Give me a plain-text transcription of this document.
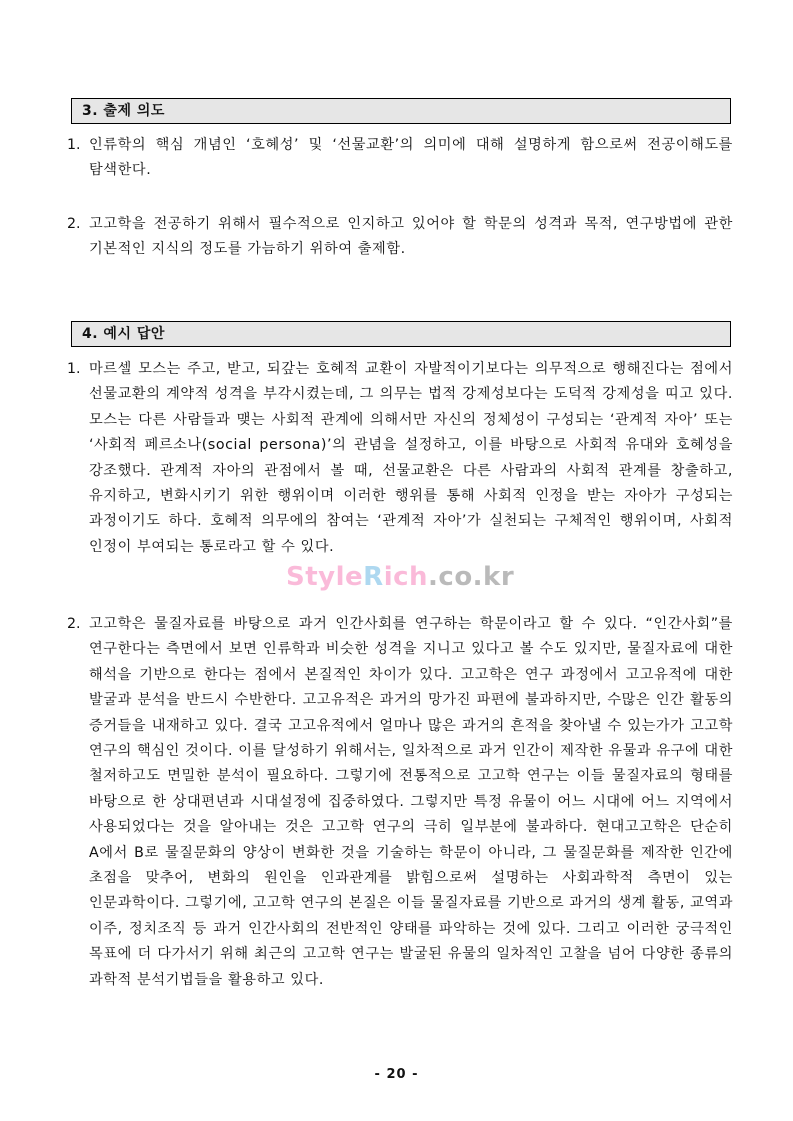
3. 출제 의도
1. 인류학의 핵심 개념인 ‘호혜성’ 및 ‘선물교환’의 의미에 대해 설명하게 함으로써 전공이해도를 탐색한다.
2. 고고학을 전공하기 위해서 필수적으로 인지하고 있어야 할 학문의 성격과 목적, 연구방법에 관한 기본적인 지식의 정도를 가늠하기 위하여 출제함.
4. 예시 답안
1. 마르셀 모스는 주고, 받고, 되갚는 호혜적 교환이 자발적이기보다는 의무적으로 행해진다는 점에서 선물교환의 계약적 성격을 부각시켰는데, 그 의무는 법적 강제성보다는 도덕적 강제성을 띠고 있다. 모스는 다른 사람들과 맺는 사회적 관계에 의해서만 자신의 정체성이 구성되는 ‘관계적 자아’ 또는 ‘사회적 페르소나(social persona)’의 관념을 설정하고, 이를 바탕으로 사회적 유대와 호혜성을 강조했다. 관계적 자아의 관점에서 볼 때, 선물교환은 다른 사람과의 사회적 관계를 창출하고, 유지하고, 변화시키기 위한 행위이며 이러한 행위를 통해 사회적 인정을 받는 자아가 구성되는 과정이기도 하다. 호혜적 의무에의 참여는 ‘관계적 자아’가 실천되는 구체적인 행위이며, 사회적 인정이 부여되는 통로라고 할 수 있다.
2. 고고학은 물질자료를 바탕으로 과거 인간사회를 연구하는 학문이라고 할 수 있다. “인간사회”를 연구한다는 측면에서 보면 인류학과 비슷한 성격을 지니고 있다고 볼 수도 있지만, 물질자료에 대한 해석을 기반으로 한다는 점에서 본질적인 차이가 있다. 고고학은 연구 과정에서 고고유적에 대한 발굴과 분석을 반드시 수반한다. 고고유적은 과거의 망가진 파편에 불과하지만, 수많은 인간 활동의 증거들을 내재하고 있다. 결국 고고유적에서 얼마나 많은 과거의 흔적을 찾아낼 수 있는가가 고고학 연구의 핵심인 것이다. 이를 달성하기 위해서는, 일차적으로 과거 인간이 제작한 유물과 유구에 대한 철저하고도 면밀한 분석이 필요하다. 그렇기에 전통적으로 고고학 연구는 이들 물질자료의 형태를 바탕으로 한 상대편년과 시대설정에 집중하였다. 그렇지만 특정 유물이 어느 시대에 어느 지역에서 사용되었다는 것을 알아내는 것은 고고학 연구의 극히 일부분에 불과하다. 현대고고학은 단순히 A에서 B로 물질문화의 양상이 변화한 것을 기술하는 학문이 아니라, 그 물질문화를 제작한 인간에 초점을 맞추어, 변화의 원인을 인과관계를 밝힘으로써 설명하는 사회과학적 측면이 있는 인문과학이다. 그렇기에, 고고학 연구의 본질은 이들 물질자료를 기반으로 과거의 생계 활동, 교역과 이주, 정치조직 등 과거 인간사회의 전반적인 양태를 파악하는 것에 있다. 그리고 이러한 궁극적인 목표에 더 다가서기 위해 최근의 고고학 연구는 발굴된 유물의 일차적인 고찰을 넘어 다양한 종류의 과학적 분석기법들을 활용하고 있다.
StyleRich.co.kr
- 20 -
